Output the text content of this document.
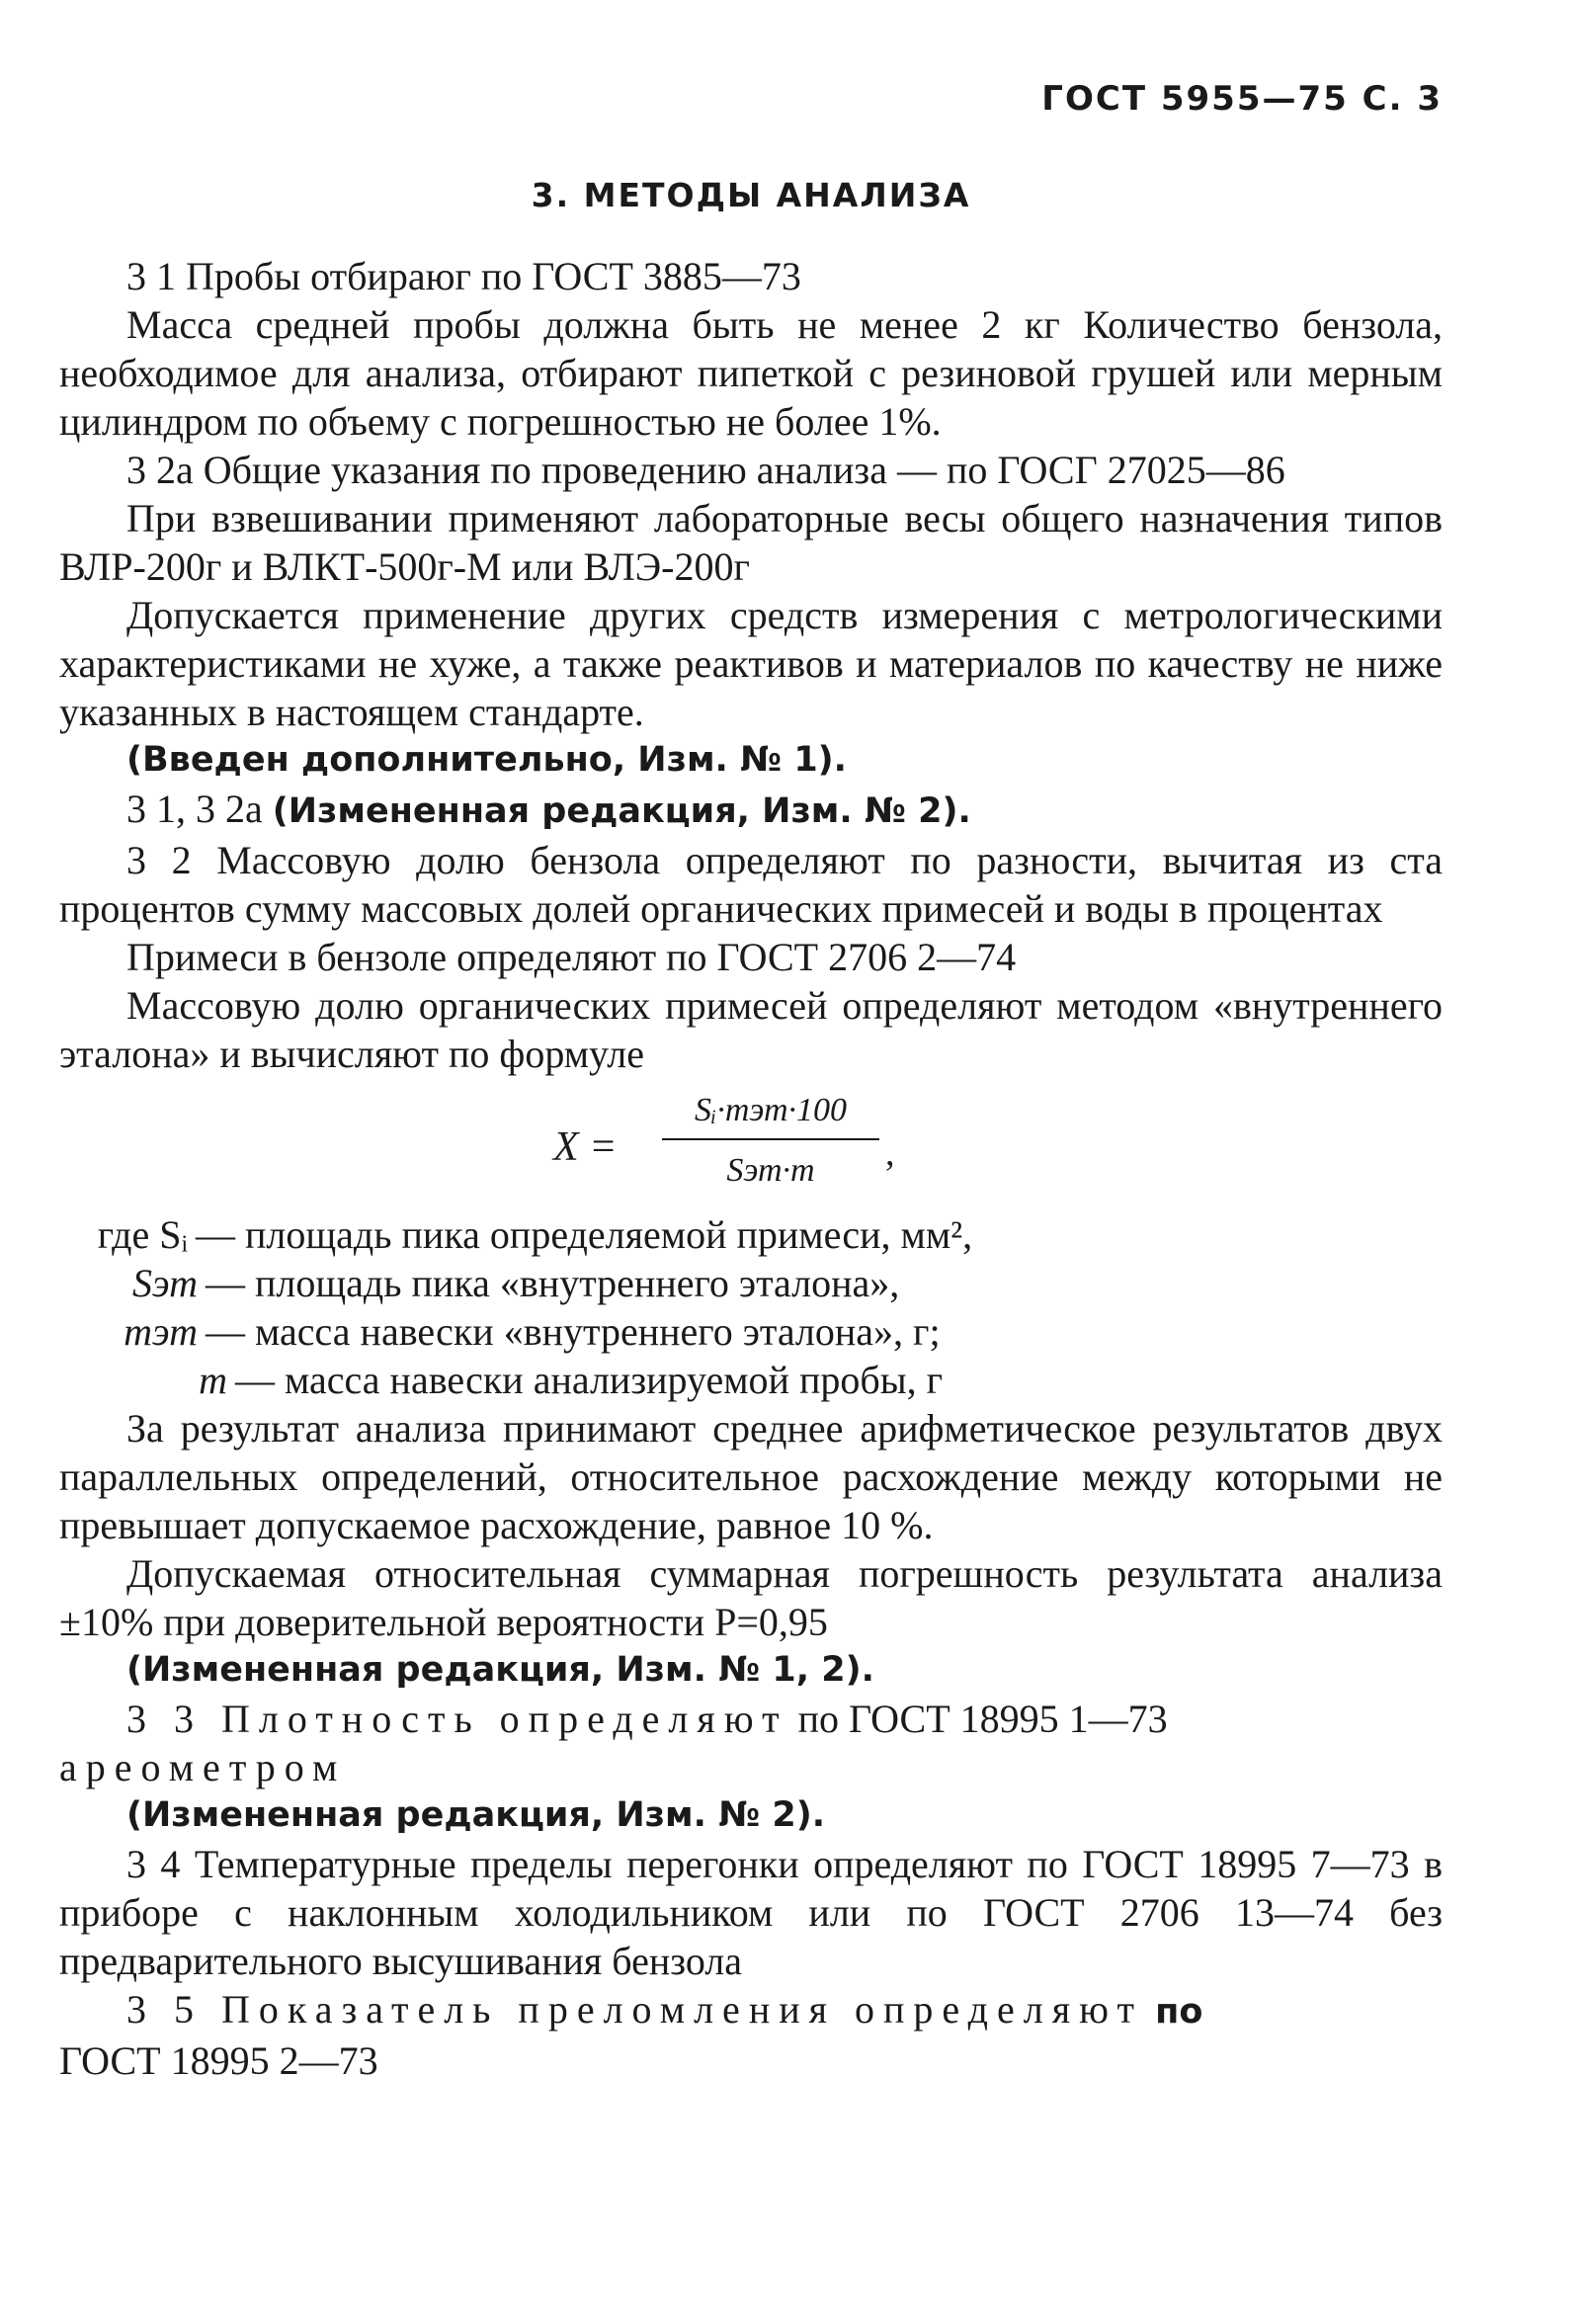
ГОСТ 5955—75 С. 3
3. МЕТОДЫ АНАЛИЗА

3 1 Пробы отбираюг по ГОСТ 3885—73

Масса средней пробы должна быть не менее 2 кг Количество бензола, необходимое для анализа, отбирают пипеткой с резиновой грушей или мерным цилиндром по объему с погрешностью не более 1%.

3 2а Общие указания по проведению анализа — по ГОСГ 27025—86

При взвешивании применяют лабораторные весы общего назначения типов ВЛР-200г и ВЛКТ-500г-М или ВЛЭ-200г

Допускается применение других средств измерения с метрологическими характеристиками не хуже, а также реактивов и материалов по качеству не ниже указанных в настоящем стандарте.

(Введен дополнительно, Изм. № 1).

3 1, 3 2а (Измененная редакция, Изм. № 2).

3 2 Массовую долю бензола определяют по разности, вычитая из ста процентов сумму массовых долей органических примесей и воды в процентах

Примеси в бензоле определяют по ГОСТ 2706 2—74

Массовую долю органических примесей определяют методом «внутреннего эталона» и вычисляют по формуле

X =
Sᵢ·mэт·100
Sэт·m	,
где Sᵢ — площадь пика определяемой примеси, мм²,
Sэт — площадь пика «внутреннего эталона»,
mэт — масса навески «внутреннего эталона», г;
m — масса навески анализируемой пробы, г

За результат анализа принимают среднее арифметическое результатов двух параллельных определений, относительное расхождение между которыми не превышает допускаемое расхождение, равное 10 %.

Допускаемая относительная суммарная погрешность результата анализа ±10% при доверительной вероятности P=0,95

(Измененная редакция, Изм. № 1, 2).

3 3 Плотность определяют по ГОСТ 18995 1—73

ареометром

(Измененная редакция, Изм. № 2).

3 4 Температурные пределы перегонки определяют по ГОСТ 18995 7—73 в приборе с наклонным холодильником или по ГОСТ 2706 13—74 без предварительного высушивания бензола

3 5 Показатель преломления определяют по

ГОСТ 18995 2—73
